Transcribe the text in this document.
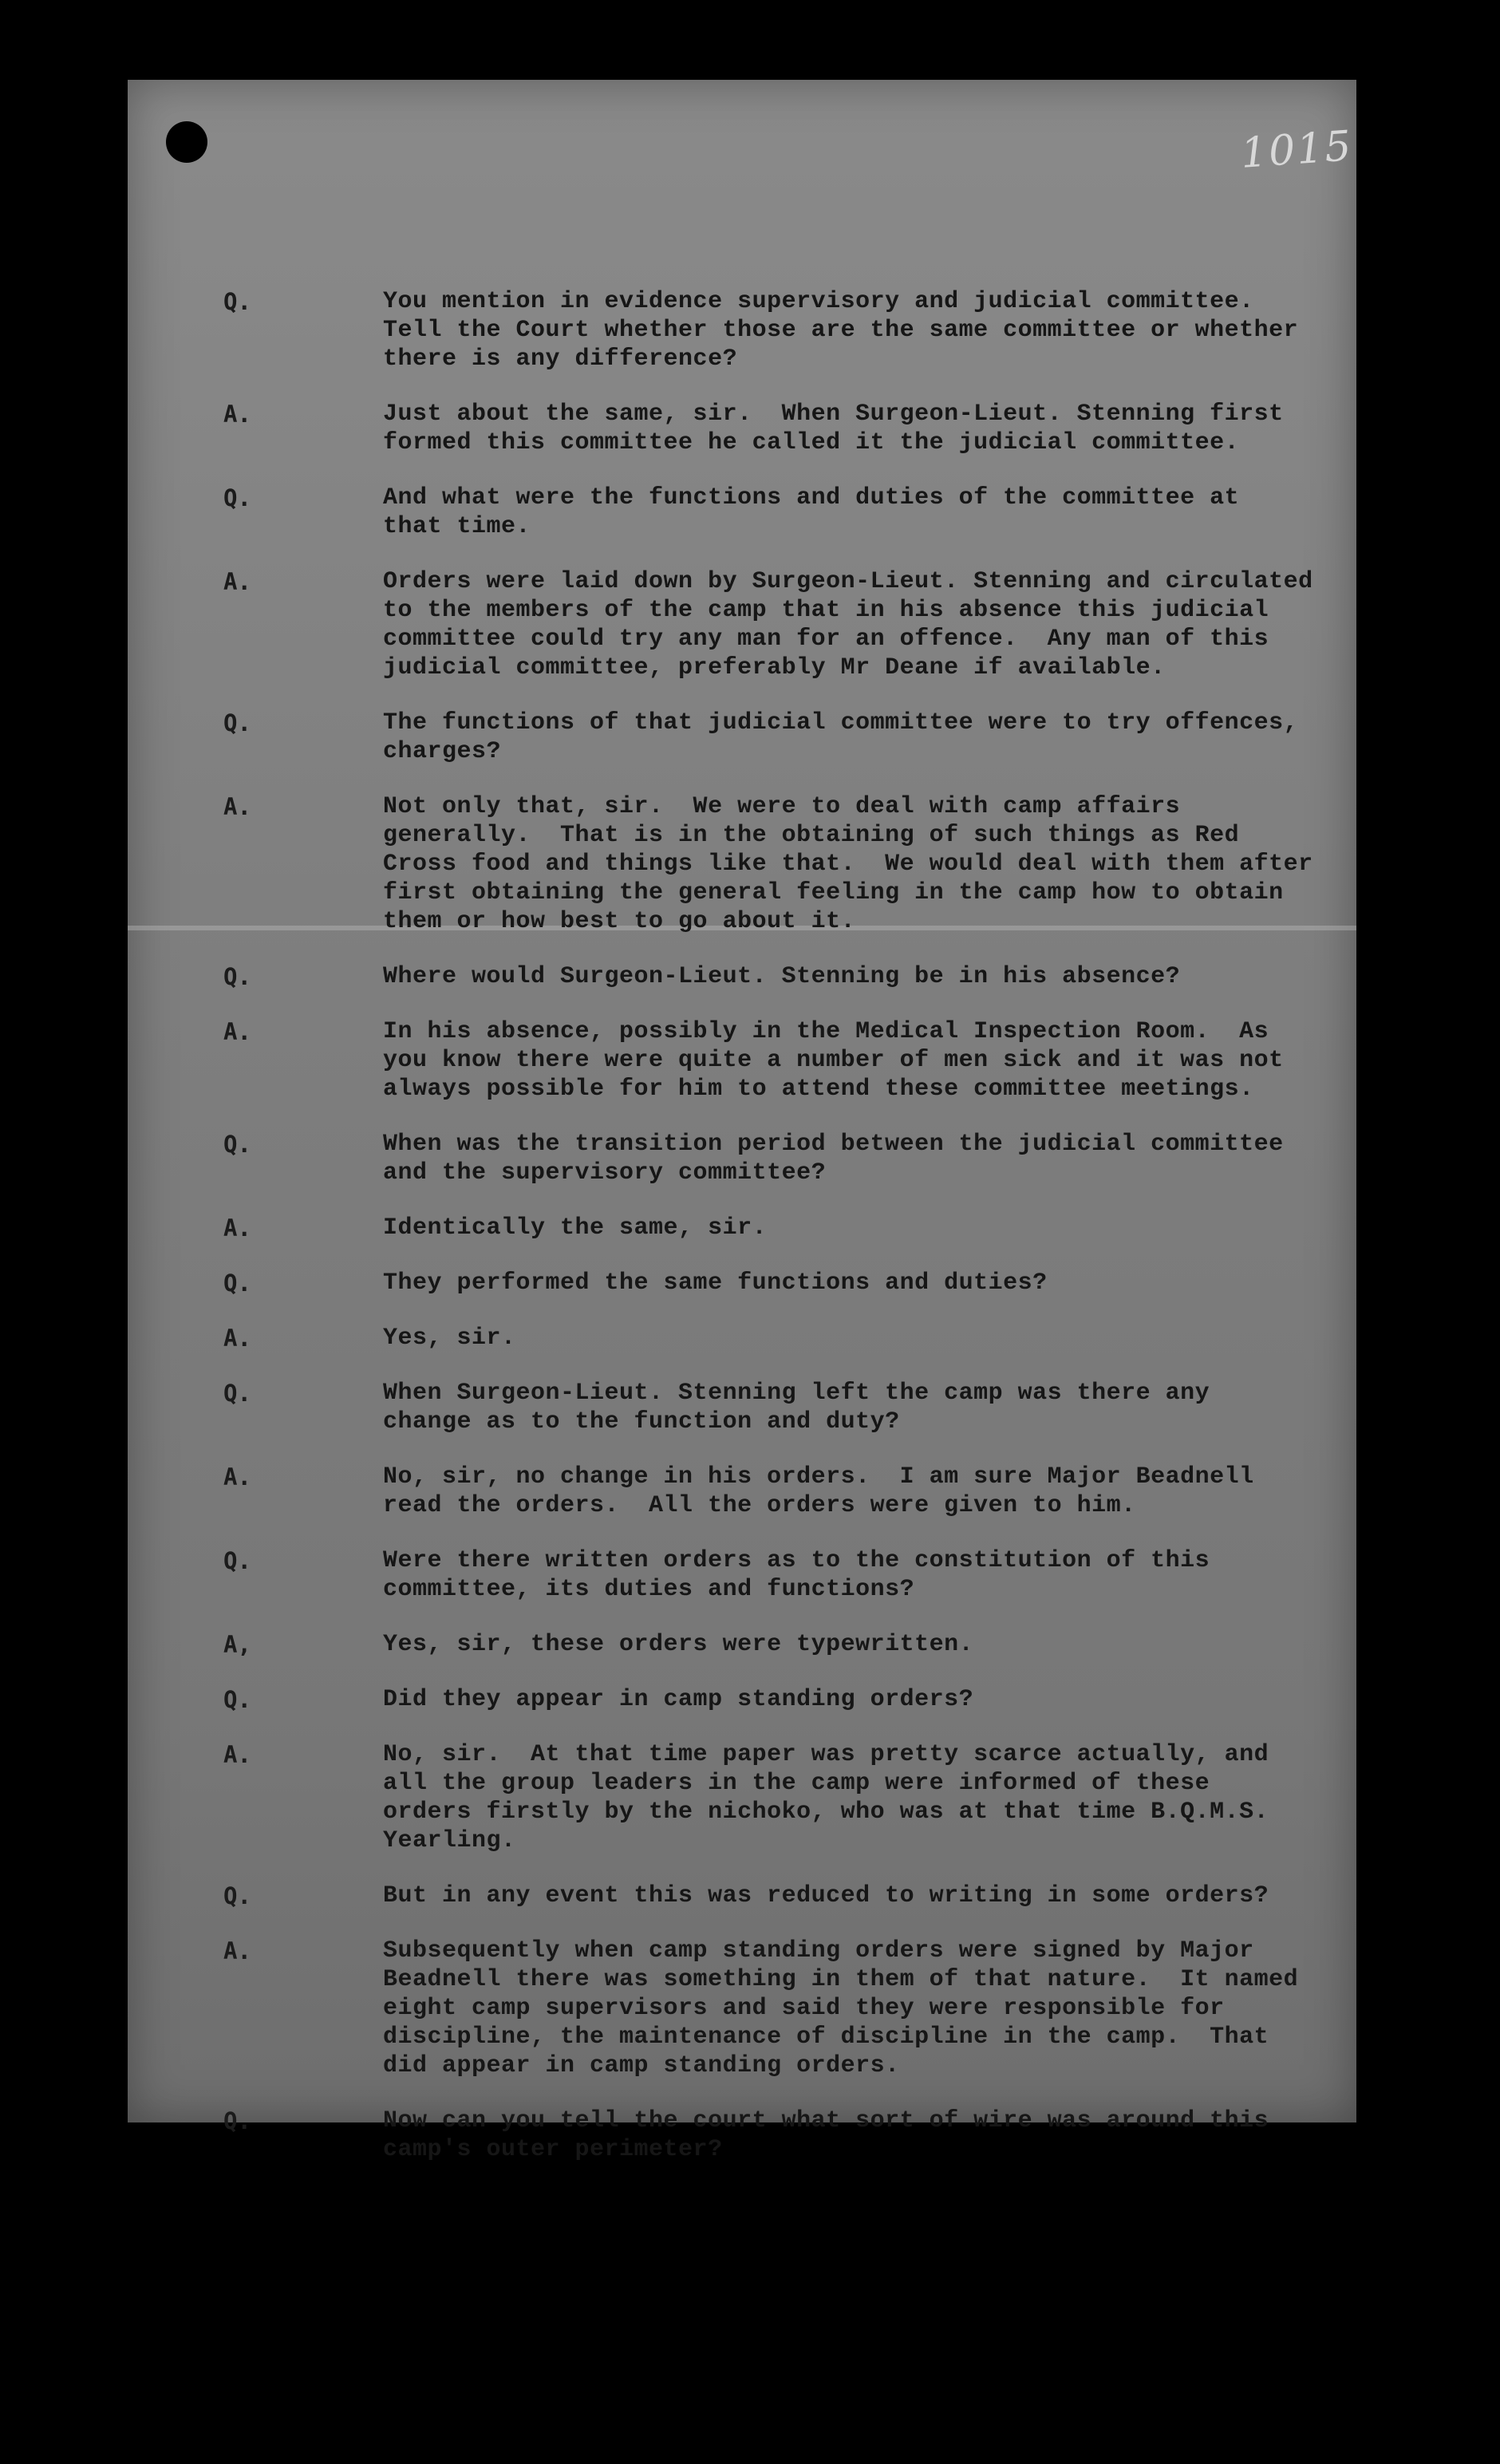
1015
Q.	You mention in evidence supervisory and judicial committee.
Tell the Court whether those are the same committee or whether
there is any difference?
A.	Just about the same, sir.  When Surgeon-Lieut. Stenning first
formed this committee he called it the judicial committee.
Q.	And what were the functions and duties of the committee at
that time.
A.	Orders were laid down by Surgeon-Lieut. Stenning and circulated
to the members of the camp that in his absence this judicial
committee could try any man for an offence.  Any man of this
judicial committee, preferably Mr Deane if available.
Q.	The functions of that judicial committee were to try offences,
charges?
A.	Not only that, sir.  We were to deal with camp affairs
generally.  That is in the obtaining of such things as Red
Cross food and things like that.  We would deal with them after
first obtaining the general feeling in the camp how to obtain
them or how best to go about it.
Q.	Where would Surgeon-Lieut. Stenning be in his absence?
A.	In his absence, possibly in the Medical Inspection Room.  As
you know there were quite a number of men sick and it was not
always possible for him to attend these committee meetings.
Q.	When was the transition period between the judicial committee
and the supervisory committee?
A.	Identically the same, sir.
Q.	They performed the same functions and duties?
A.	Yes, sir.
Q.	When Surgeon-Lieut. Stenning left the camp was there any
change as to the function and duty?
A.	No, sir, no change in his orders.  I am sure Major Beadnell
read the orders.  All the orders were given to him.
Q.	Were there written orders as to the constitution of this
committee, its duties and functions?
A,	Yes, sir, these orders were typewritten.
Q.	Did they appear in camp standing orders?
A.	No, sir.  At that time paper was pretty scarce actually, and
all the group leaders in the camp were informed of these
orders firstly by the nichoko, who was at that time B.Q.M.S.
Yearling.
Q.	But in any event this was reduced to writing in some orders?
A.	Subsequently when camp standing orders were signed by Major
Beadnell there was something in them of that nature.  It named
eight camp supervisors and said they were responsible for
discipline, the maintenance of discipline in the camp.  That
did appear in camp standing orders.
Q.	Now can you tell the court what sort of wire was around this
camp's outer perimeter?
